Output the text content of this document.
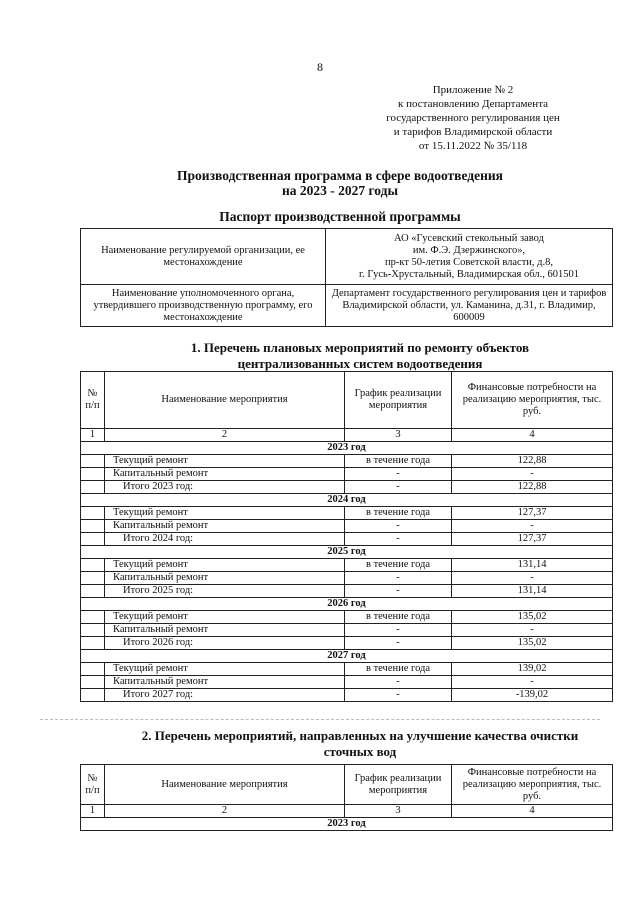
8
Приложение № 2
к постановлению Департамента
государственного регулирования цен
и тарифов Владимирской области
от 15.11.2022 № 35/118
Производственная программа в сфере водоотведения
на 2023 - 2027 годы
Паспорт производственной программы
Наименование регулируемой организации, ее местонахождение	АО «Гусевский стекольный завод
им. Ф.Э. Дзержинского»,
пр-кт 50-летия Советской власти, д.8,
г. Гусь-Хрустальный, Владимирская обл., 601501

Наименование уполномоченного органа, утвердившего производственную программу, его местонахождение	Департамент государственного регулирования цен и тарифов Владимирской области, ул. Каманина, д.31, г. Владимир, 600009
1. Перечень плановых мероприятий по ремонту объектов
централизованных систем водоотведения
№ п/п	Наименование мероприятия	График реализации мероприятия	Финансовые потребности на реализацию мероприятия, тыс. руб.
1	2	3	4
2023 год			
	Текущий ремонт	в течение года	122,88
	Капитальный ремонт	-	-
	Итого 2023 год:	-	122,88
2024 год			
	Текущий ремонт	в течение года	127,37
	Капитальный ремонт	-	-
	Итого 2024 год:	-	127,37
2025 год			
	Текущий ремонт	в течение года	131,14
	Капитальный ремонт	-	-
	Итого 2025 год:	-	131,14
2026 год			
	Текущий ремонт	в течение года	135,02
	Капитальный ремонт	-	-
	Итого 2026 год:	-	135,02
2027 год			
	Текущий ремонт	в течение года	139,02
	Капитальный ремонт	-	-
	Итого 2027 год:	-	-139,02
2. Перечень мероприятий, направленных на улучшение качества очистки
сточных вод
№ п/п	Наименование мероприятия	График реализации мероприятия	Финансовые потребности на реализацию мероприятия, тыс. руб.
1	2	3	4
2023 год			
